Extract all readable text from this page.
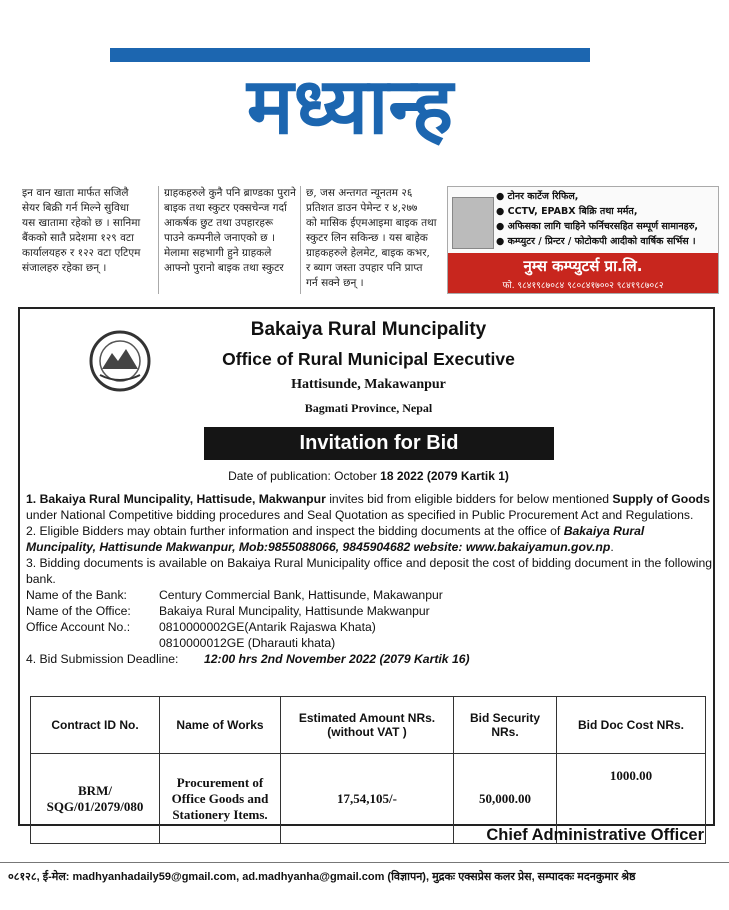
मध्यान्ह
इन वान खाता मार्फत सजिलै
सेयर बिक्री गर्न मिल्ने सुविधा
यस खातामा रहेको छ । सानिमा
बैंकको सातै प्रदेशमा १२९ वटा
कार्यालयहरु र १२२ वटा एटिएम
संजालहरु रहेका छन् ।
ग्राहकहरुले कुनै पनि ब्राण्डका पुराने
बाइक तथा स्कुटर एक्सचेन्ज गर्दा
आकर्षक छुट तथा उपहारहरू
पाउने कम्पनीले जनाएको छ ।
मेलामा सहभागी हुने ग्राहकले
आफ्नो पुरानो बाइक तथा स्कुटर
छ, जस अन्तगत न्यूनतम २६
प्रतिशत डाउन पेमेन्ट र ४,२७७
को मासिक ईएमआइमा बाइक तथा
स्कुटर लिन सकिन्छ । यस बाहेक
ग्राहकहरुले हेलमेट, बाइक कभर,
र ब्याग जस्ता उपहार पनि प्राप्त
गर्न सक्ने छन् ।
● टोनर कार्टेज रिफिल,
● CCTV, EPABX बिक्रि तथा मर्मत,
● अफिसका लागि चाहिने फर्निचरसहित सम्पूर्ण सामानहरु,
● कम्प्युटर / प्रिन्टर / फोटोकपी आदीको वार्षिक सर्भिस ।
नुम्स कम्प्युटर्स प्रा.लि.
फो. ९८४१९८७०८४ ९८०८४१७००२ ९८४१९८७०८२
Bakaiya Rural Muncipality
Office of Rural Municipal Executive
Hattisunde, Makawanpur
Bagmati Province, Nepal
Invitation for Bid
Date of publication: October 18 2022 (2079 Kartik 1)

1. Bakaiya Rural Muncipality, Hattisude, Makwanpur invites bid from eligible bidders for below mentioned Supply of Goods under National Competitive bidding procedures and Seal Quotation as specified in Public Procurement Act and Regulations.

2. Eligible Bidders may obtain further information and inspect the bidding documents at the office of Bakaiya Rural Muncipality, Hattisunde Makwanpur, Mob:9855088066, 9845904682 website: www.bakaiyamun.gov.np.

3. Bidding documents is available on Bakaiya Rural Municipality office and deposit the cost of bidding document in the following bank.

Name of the Bank:	Century Commercial Bank, Hattisunde, Makawanpur
Name of the Office:	Bakaiya Rural Muncipality, Hattisunde Makwanpur
Office Account No.:	0810000002GE(Antarik Rajaswa Khata)
0810000012GE (Dharauti khata)
4. Bid Submission Deadline:	12:00 hrs 2nd November 2022 (2079 Kartik 16)
Contract ID No.	Name of Works	Estimated Amount NRs. (without VAT )	Bid Security NRs.	Bid Doc Cost NRs.
BRM/ SQG/01/2079/080	Procurement of Office Goods and Stationery Items.	17,54,105/-	50,000.00	1000.00
Chief Administrative Officer
०८१२८, ई-मेल: madhyanhadaily59@gmail.com, ad.madhyanha@gmail.com (विज्ञापन), मुद्रकः एक्सप्रेस कलर प्रेस, सम्पादकः मदनकुमार श्रेष्ठ
